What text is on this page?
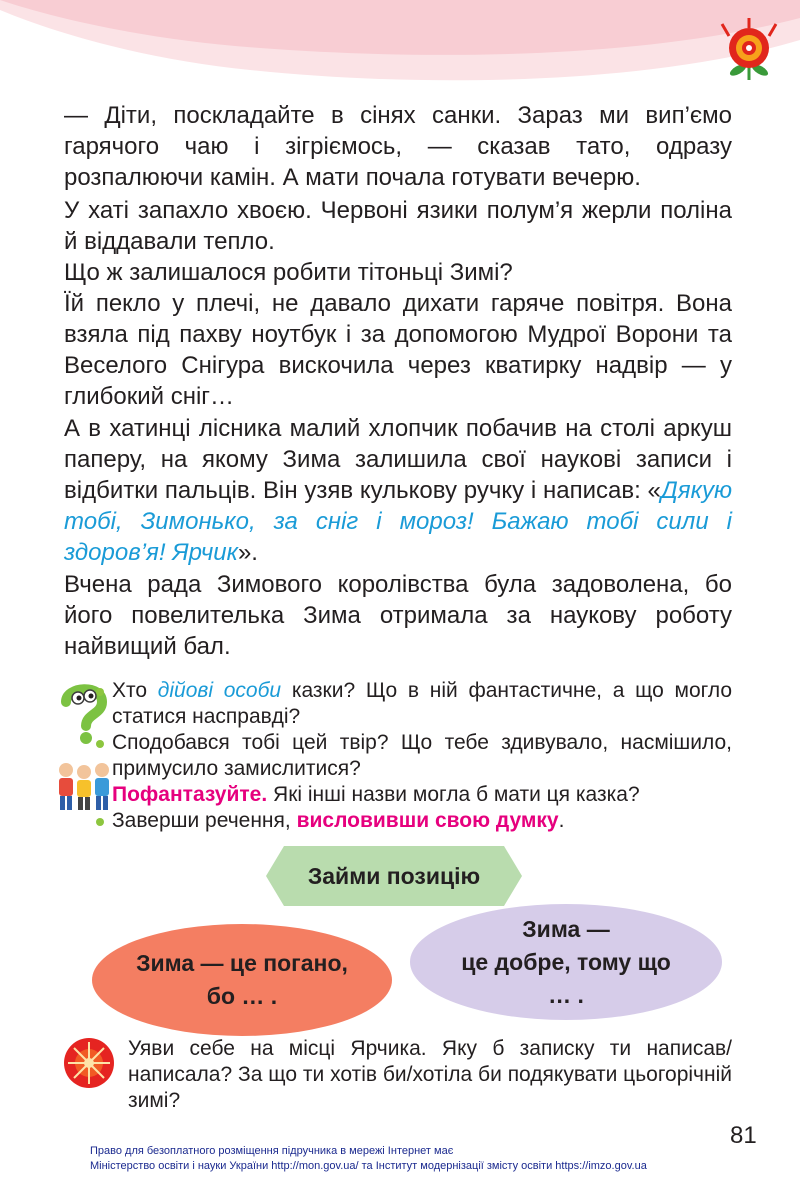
— Діти, поскладайте в сінях санки. Зараз ми вип’ємо гарячого чаю і зігріємось, — сказав тато, одразу розпалюючи камін. А мати почала готувати вечерю.

У хаті запахло хвоєю. Червоні язики полум’я жерли поліна й віддавали тепло.

Що ж залишалося робити тітоньці Зимі?

Їй пекло у плечі, не давало дихати гаряче повітря. Вона взяла під пахву ноутбук і за допомогою Мудрої Ворони та Веселого Снігура вискочила через кватирку надвір — у глибокий сніг…

А в хатинці лісника малий хлопчик побачив на столі аркуш паперу, на якому Зима залишила свої наукові записи і відбитки пальців. Він узяв кулькову ручку і написав: «Дякую тобі, Зимонько, за сніг і мороз! Бажаю тобі сили і здоров’я! Ярчик».

Вчена рада Зимового королівства була задоволена, бо його повелителька Зима отримала за наукову роботу найвищий бал.

Хто дійові особи казки? Що в ній фантастичне, а що могло статися насправді?

Сподобався тобі цей твір? Що тебе здивувало, насмішило, примусило замислитися?

Пофантазуйте. Які інші назви могла б мати ця казка?

Заверши речення, висловивши свою думку.

Займи позицію
Зима — це погано,
бо … .
Зима —
це добре, тому що
… .

Уяви себе на місці Ярчика. Яку б записку ти написав/написала? За що ти хотів би/хотіла би подякувати цьогорічній зимі?

81
Право для безоплатного розміщення підручника в мережі Інтернет має
Міністерство освіти і науки України http://mon.gov.ua/ та Інститут модернізації змісту освіти https://imzo.gov.ua
